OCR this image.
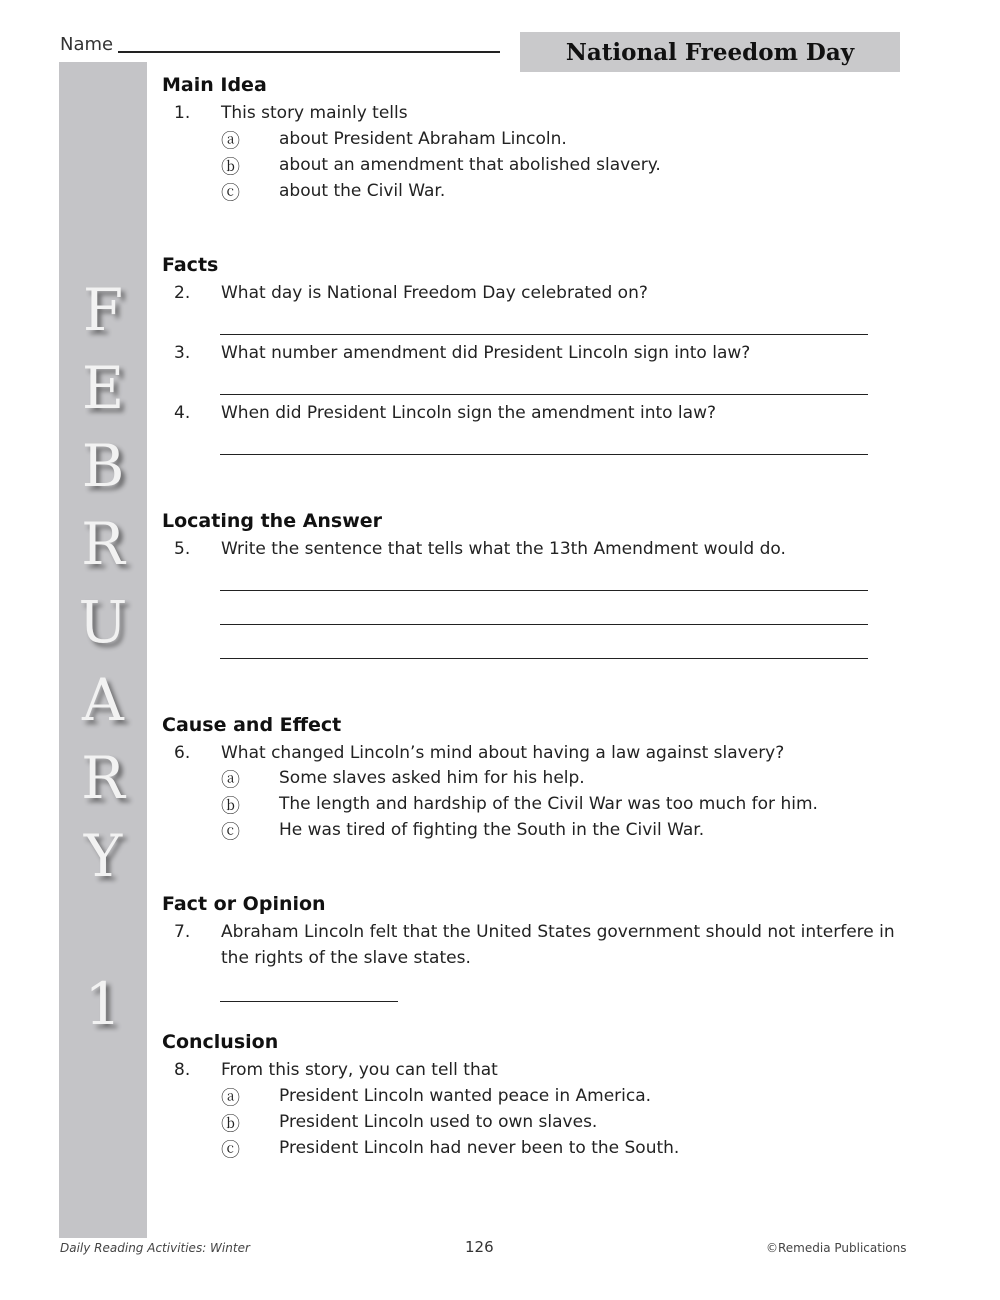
Name	National Freedom Day
F
E
B
R
U
A
R
Y
1
Main Idea
1. This story mainly tells
ⓐ about President Abraham Lincoln.
ⓑ about an amendment that abolished slavery.
ⓒ about the Civil War.
Facts
2. What day is National Freedom Day celebrated on?
3. What number amendment did President Lincoln sign into law?
4. When did President Lincoln sign the amendment into law?
Locating the Answer
5. Write the sentence that tells what the 13th Amendment would do.
Cause and Effect
6. What changed Lincoln’s mind about having a law against slavery?
ⓐ Some slaves asked him for his help.
ⓑ The length and hardship of the Civil War was too much for him.
ⓒ He was tired of fighting the South in the Civil War.
Fact or Opinion
7. Abraham Lincoln felt that the United States government should not interfere in
the rights of the slave states.
Conclusion
8. From this story, you can tell that
ⓐ President Lincoln wanted peace in America.
ⓑ President Lincoln used to own slaves.
ⓒ President Lincoln had never been to the South.
Daily Reading Activities: Winter	126	©Remedia Publications
